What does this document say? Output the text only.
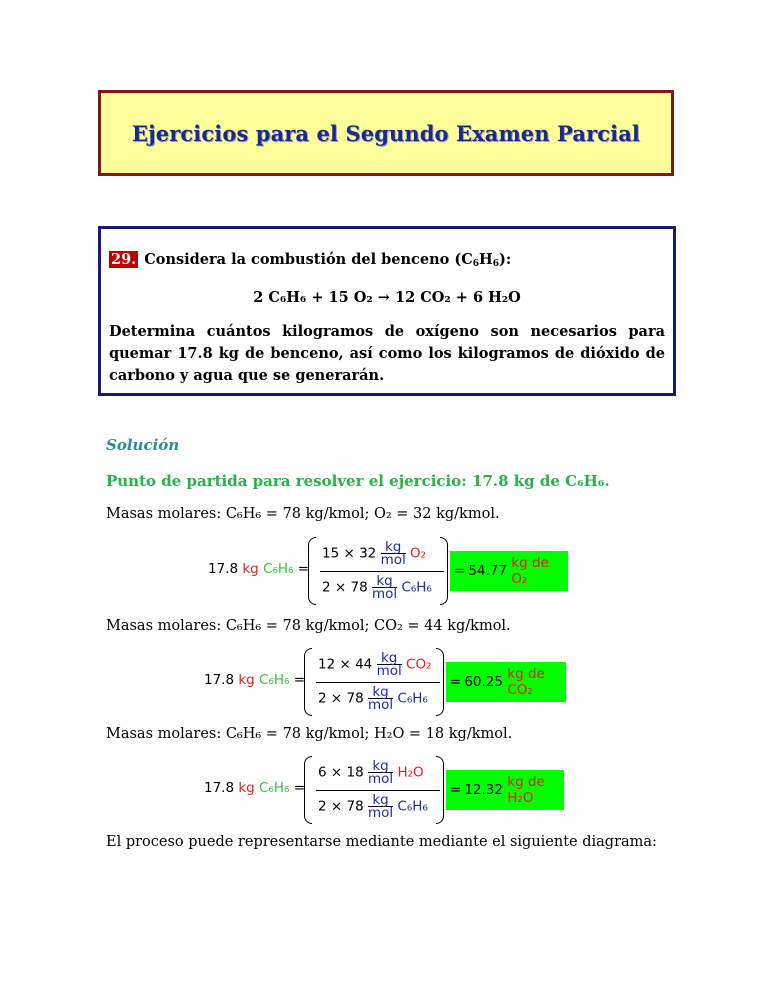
Ejercicios para el Segundo Examen Parcial
29. Considera la combustión del benceno $(C_6H_6)$:
2 C₆H₆ + 15 O₂ → 12 CO₂ + 6 H₂O
Determina cuántos kilogramos de oxígeno son necesarios para quemar 17.8 kg de benceno, así como los kilogramos de dióxido de carbono y agua que se generarán.
Solución
Punto de partida para resolver el ejercicio: 17.8 kg de C₆H₆.
Masas molares: C₆H₆ = 78 kg/kmol; O₂ = 32 kg/kmol.
17.8 kg C₆H₆ =
$15 \times 32 \frac{kg}{\text{mol}} O_2$
$2 \times 78 \frac{kg}{\text{mol}} C_6H_6$
= 54.77
kg de O₂
Masas molares: C₆H₆ = 78 kg/kmol; CO₂ = 44 kg/kmol.
17.8 kg C₆H₆ =
$12 \times 44 \frac{kg}{\text{mol}} CO_2$
$2 \times 78 \frac{kg}{\text{mol}} C_6H_6$
= 60.25
kg de CO₂
Masas molares: C₆H₆ = 78 kg/kmol; H₂O = 18 kg/kmol.
17.8 kg C₆H₆ =
$6 \times 18 \frac{kg}{\text{mol}} H_2O$
$2 \times 78 \frac{kg}{\text{mol}} C_6H_6$
= 12.32
kg de H₂O
El proceso puede representarse mediante mediante el siguiente diagrama:
